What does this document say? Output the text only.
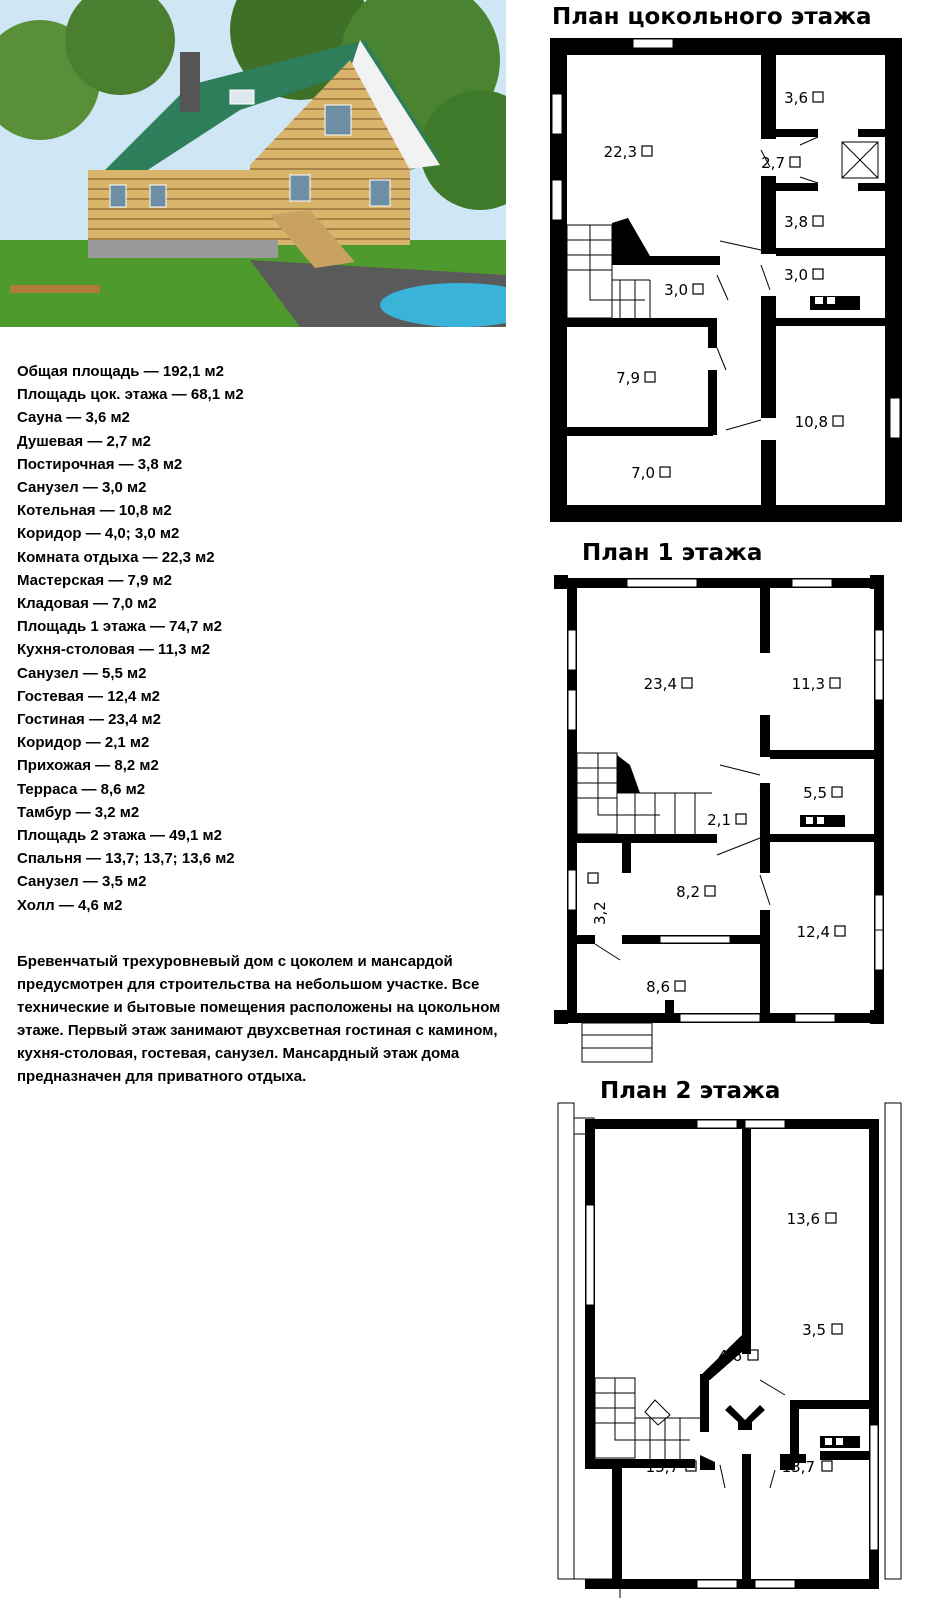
Общая площадь — 192,1 м2
Площадь цок. этажа — 68,1 м2
Сауна — 3,6 м2
Душевая — 2,7 м2
Постирочная — 3,8 м2
Санузел — 3,0 м2
Котельная — 10,8 м2
Коридор — 4,0; 3,0 м2
Комната отдыха — 22,3 м2
Мастерская — 7,9 м2
Кладовая — 7,0 м2
Площадь 1 этажа — 74,7 м2
Кухня-столовая — 11,3 м2
Санузел — 5,5 м2
Гостевая — 12,4 м2
Гостиная — 23,4 м2
Коридор — 2,1 м2
Прихожая — 8,2 м2
Терраса — 8,6 м2
Тамбур — 3,2 м2
Площадь 2 этажа — 49,1 м2
Спальня — 13,7; 13,7; 13,6 м2
Санузел — 3,5 м2
Холл — 4,6 м2
Бревенчатый трехуровневый дом с цоколем и мансардой предусмотрен для строительства на небольшом участке. Все технические и бытовые помещения расположены на цокольном этаже. Первый этаж занимают двухсветная гостиная с камином, кухня-столовая, гостевая, санузел. Мансардный этаж дома предназначен для приватного отдыха.
План цокольного этажа
План 1 этажа
План 2 этажа
22,3
3,6
2,7
3,8
3,0
3,0
7,9
10,8
7,0
23,4	11,3
5,5
2,1
8,2
12,4
8,6
3,2
13,6
3,5
4,6
13,7	13,7
